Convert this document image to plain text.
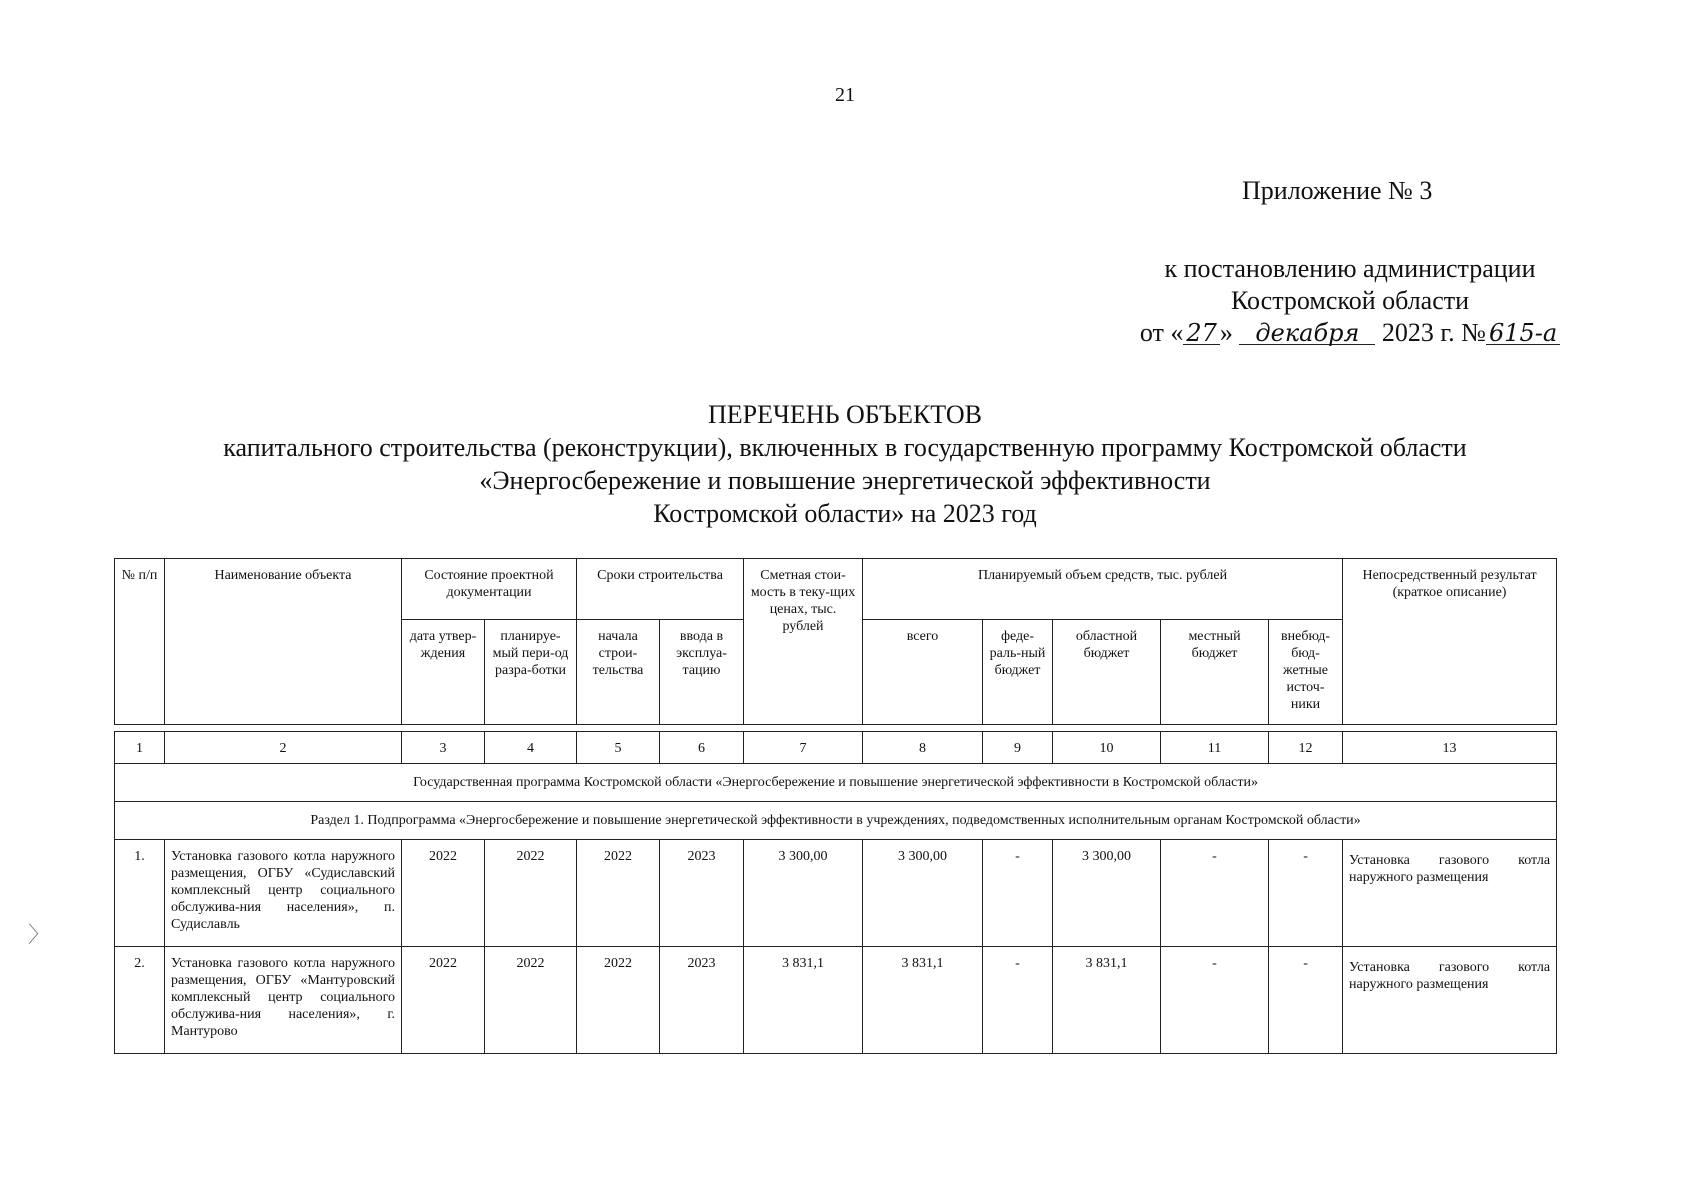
21
Приложение № 3
к постановлению администрации
Костромской области
от « 27 » декабря 2023 г. № 615-а
ПЕРЕЧЕНЬ ОБЪЕКТОВ
капитального строительства (реконструкции), включенных в государственную программу Костромской области
«Энергосбережение и повышение энергетической эффективности
Костромской области» на 2023 год
№ п/п	Наименование объекта	Состояние проектной документации		Сроки строительства		Сметная стои-мость в теку-щих ценах, тыс. рублей	Планируемый объем средств, тыс. рублей					Непосредственный результат (краткое описание)
		дата утвер-ждения	планируе-мый пери-од разра-ботки	начала строи-тельства	ввода в эксплуа-тацию		всего	феде-раль-ный бюджет	областной бюджет	местный бюджет	внебюд-бюд-жетные источ-ники	

1	2	3	4	5	6	7	8	9	10	11	12	13
Государственная программа Костромской области «Энергосбережение и повышение энергетической эффективности в Костромской области»												
Раздел 1. Подпрограмма «Энергосбережение и повышение энергетической эффективности в учреждениях, подведомственных исполнительным органам Костромской области»												
1.	Установка газового котла наружного размещения, ОГБУ «Судиславский комплексный центр социального обслужива-ния населения», п. Судиславль	2022	2022	2022	2023	3 300,00	3 300,00	-	3 300,00	-	-	Установка газового котла наружного размещения
2.	Установка газового котла наружного размещения, ОГБУ «Мантуровский комплексный центр социального обслужива-ния населения», г. Мантурово	2022	2022	2022	2023	3 831,1	3 831,1	-	3 831,1	-	-	Установка газового котла наружного размещения
〉
